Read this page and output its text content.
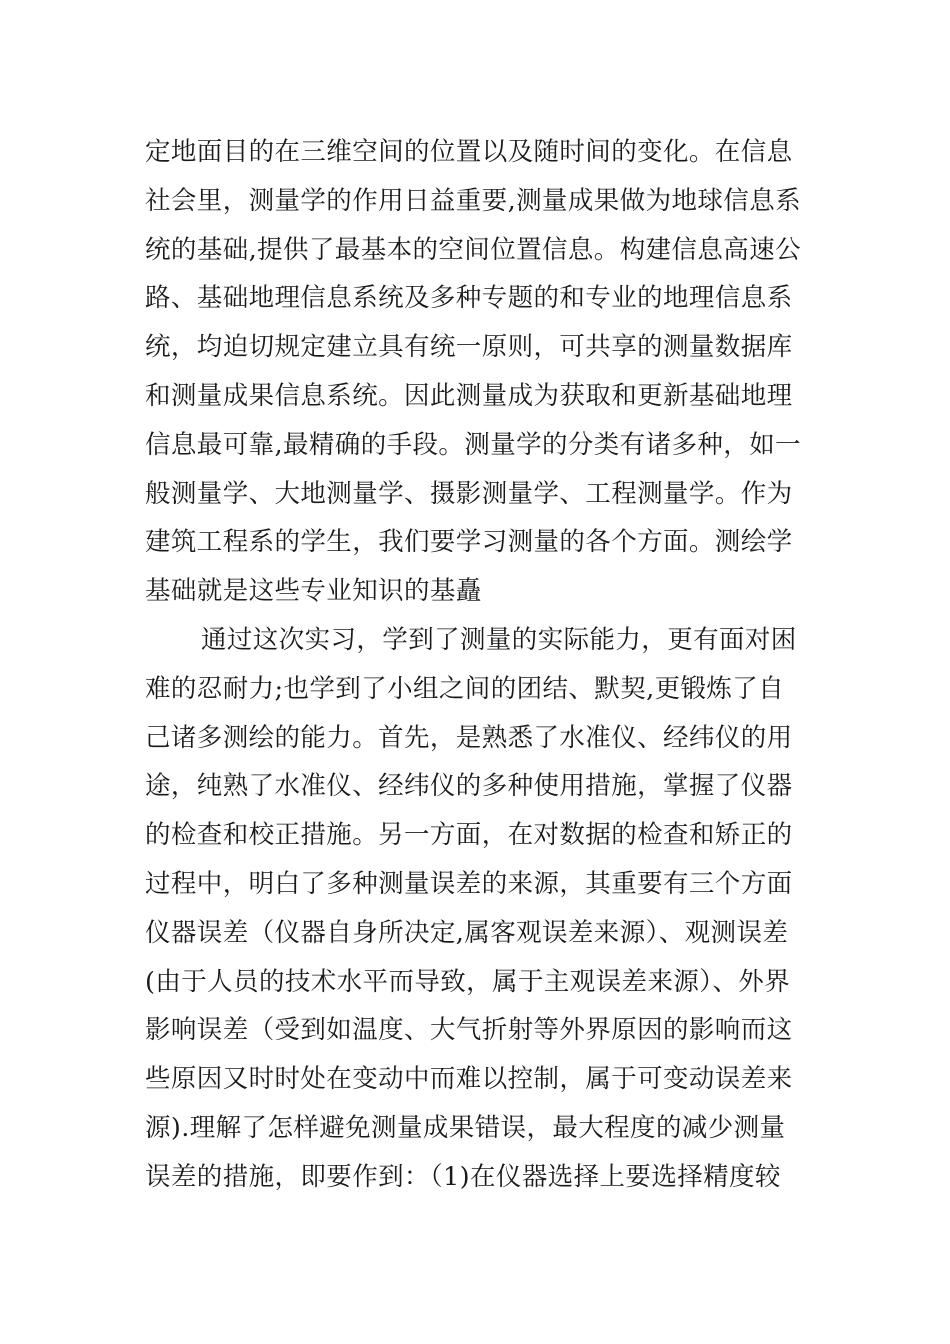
定地面目的在三维空间的位置以及随时间的变化。在信息
社会里，测量学的作用日益重要,测量成果做为地球信息系
统的基础,提供了最基本的空间位置信息。构建信息高速公
路、基础地理信息系统及多种专题的和专业的地理信息系
统，均迫切规定建立具有统一原则，可共享的测量数据库
和测量成果信息系统。因此测量成为获取和更新基础地理
信息最可靠,最精确的手段。测量学的分类有诸多种，如一
般测量学、大地测量学、摄影测量学、工程测量学。作为
建筑工程系的学生，我们要学习测量的各个方面。测绘学
基础就是这些专业知识的基矗
通过这次实习，学到了测量的实际能力，更有面对困
难的忍耐力;也学到了小组之间的团结、默契,更锻炼了自
己诸多测绘的能力。首先，是熟悉了水准仪、经纬仪的用
途，纯熟了水准仪、经纬仪的多种使用措施，掌握了仪器
的检查和校正措施。另一方面，在对数据的检查和矫正的
过程中，明白了多种测量误差的来源，其重要有三个方面
仪器误差（仪器自身所决定,属客观误差来源）、观测误差
(由于人员的技术水平而导致，属于主观误差来源）、外界
影响误差（受到如温度、大气折射等外界原因的影响而这
些原因又时时处在变动中而难以控制，属于可变动误差来
源).理解了怎样避免测量成果错误，最大程度的减少测量
误差的措施，即要作到：（1)在仪器选择上要选择精度较
